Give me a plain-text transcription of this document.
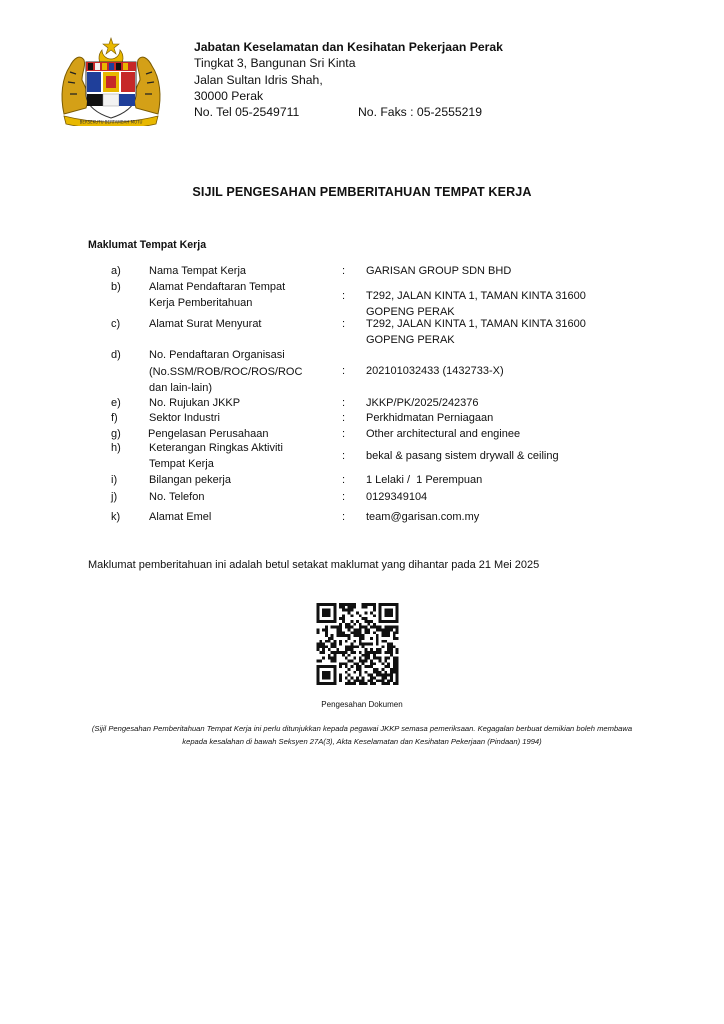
BERSEKUTU BERTAMBAH MUTU
Jabatan Keselamatan dan Kesihatan Pekerjaan Perak
Tingkat 3, Bangunan Sri Kinta
Jalan Sultan Idris Shah,
30000 Perak
No. Tel 05-2549711	No. Faks : 05-2555219
SIJIL PENGESAHAN PEMBERITAHUAN TEMPAT KERJA
Maklumat Tempat Kerja
a)	Nama Tempat Kerja	: GARISAN GROUP SDN BHD
b)	Alamat Pendaftaran Tempat Kerja Pemberitahuan
: T292, JALAN KINTA 1, TAMAN KINTA 31600 GOPENG PERAK
c)	Alamat Surat Menyurat	: T292, JALAN KINTA 1, TAMAN KINTA 31600 GOPENG PERAK
d)	No. Pendaftaran Organisasi (No.SSM/ROB/ROC/ROS/ROC dan lain-lain)
: 202101032433 (1432733-X)
e)	No. Rujukan JKKP	: JKKP/PK/2025/242376
f)	Sektor Industri	: Perkhidmatan Perniagaan
g) Pengelasan Perusahaan	: Other architectural and enginee
h)	Keterangan Ringkas Aktiviti Tempat Kerja
: bekal & pasang sistem drywall & ceiling
i)	Bilangan pekerja	: 1 Lelaki /  1 Perempuan
j)	No. Telefon	: 0129349104
k)	Alamat Emel	: team@garisan.com.my
Maklumat pemberitahuan ini adalah betul setakat maklumat yang dihantar pada 21 Mei 2025
Pengesahan Dokumen
(Sijil Pengesahan Pemberitahuan Tempat Kerja ini perlu ditunjukkan kepada pegawai JKKP semasa pemeriksaan. Kegagalan berbuat demikian boleh membawa kepada kesalahan di bawah Seksyen 27A(3), Akta Keselamatan dan Kesihatan Pekerjaan (Pindaan) 1994)
